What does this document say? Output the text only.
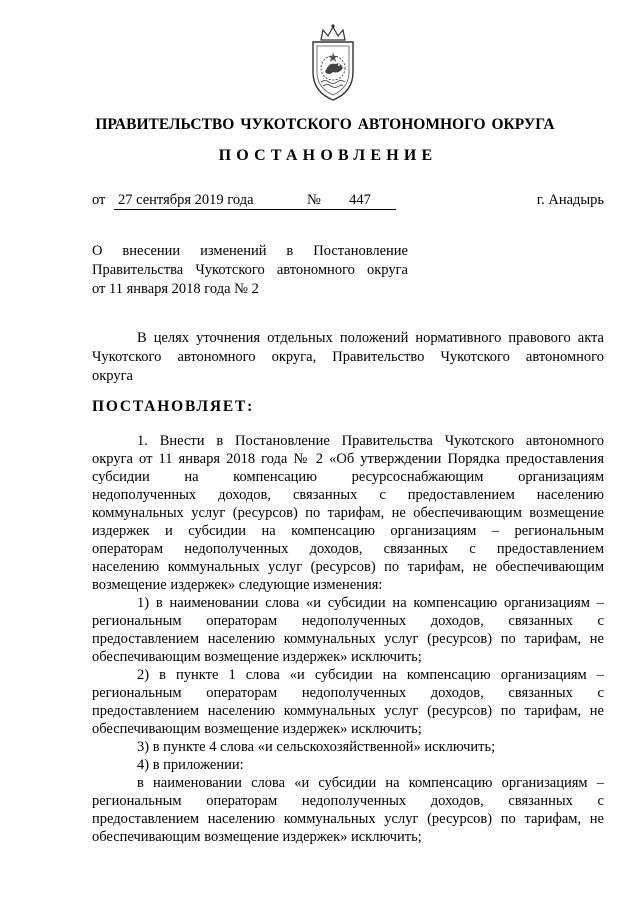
ПРАВИТЕЛЬСТВО ЧУКОТСКОГО АВТОНОМНОГО ОКРУГА
ПОСТАНОВЛЕНИЕ
от 27 сентября 2019 года	№	447	г. Анадырь
О внесении изменений в Постановление
Правительства Чукотского автономного округа
от 11 января 2018 года № 2
В целях уточнения отдельных положений нормативного правового акта
Чукотского автономного округа, Правительство Чукотского автономного
округа
ПОСТАНОВЛЯЕТ:
1. Внести в Постановление Правительства Чукотского автономного
округа от 11 января 2018 года № 2 «Об утверждении Порядка предоставления
субсидии на компенсацию ресурсоснабжающим организациям
недополученных доходов, связанных с предоставлением населению
коммунальных услуг (ресурсов) по тарифам, не обеспечивающим возмещение
издержек и субсидии на компенсацию организациям – региональным
операторам недополученных доходов, связанных с предоставлением
населению коммунальных услуг (ресурсов) по тарифам, не обеспечивающим
возмещение издержек» следующие изменения:
1) в наименовании слова «и субсидии на компенсацию организациям –
региональным операторам недополученных доходов, связанных с
предоставлением населению коммунальных услуг (ресурсов) по тарифам, не
обеспечивающим возмещение издержек» исключить;
2) в пункте 1 слова «и субсидии на компенсацию организациям –
региональным операторам недополученных доходов, связанных с
предоставлением населению коммунальных услуг (ресурсов) по тарифам, не
обеспечивающим возмещение издержек» исключить;
3) в пункте 4 слова «и сельскохозяйственной» исключить;
4) в приложении:
в наименовании слова «и субсидии на компенсацию организациям –
региональным операторам недополученных доходов, связанных с
предоставлением населению коммунальных услуг (ресурсов) по тарифам, не
обеспечивающим возмещение издержек» исключить;
